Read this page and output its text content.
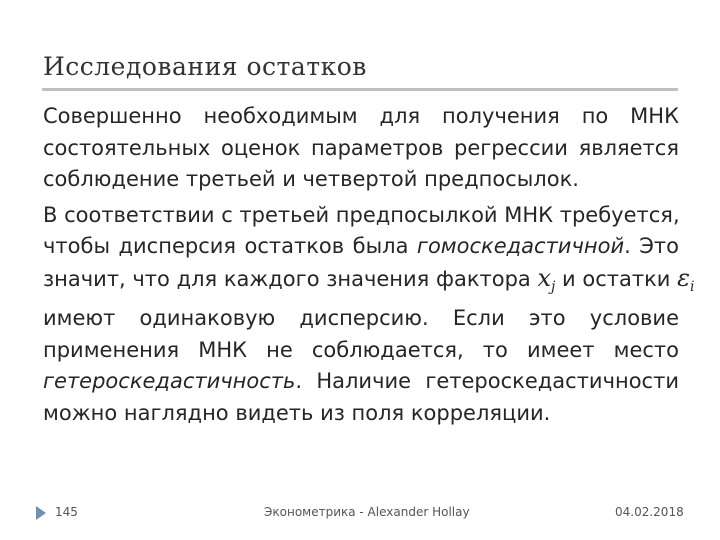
Исследования остатков

Совершенно необходимым для получения по МНК
состоятельных оценок параметров регрессии является
соблюдение третьей и четвертой предпосылок.

В соответствии с третьей предпосылкой МНК требуется,
чтобы дисперсия остатков была гомоскедастичной. Это
значит, что для каждого значения фактора $x_j$ и остатки $\varepsilon_i$
имеют одинаковую дисперсию. Если это условие
применения МНК не соблюдается, то имеет место
гетероскедастичность. Наличие гетероскедастичности
можно наглядно видеть из поля корреляции.

145	Эконометрика - Alexander Hollay	04.02.2018
